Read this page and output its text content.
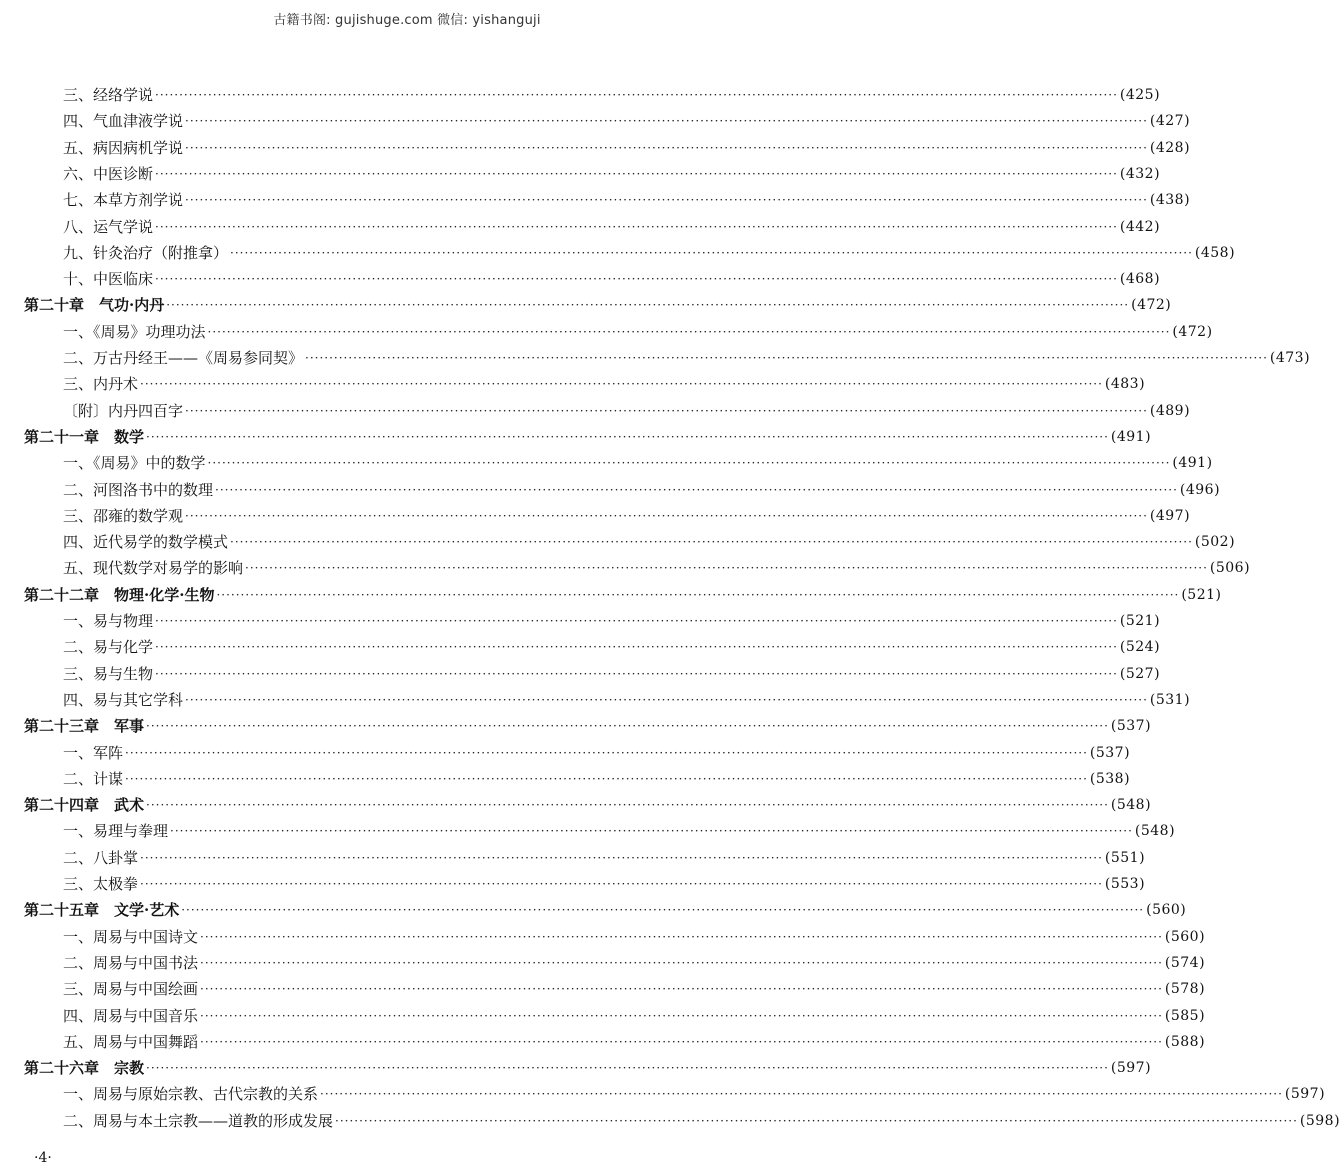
古籍书阁: gujishuge.com 微信: yishanguji
三、经络学说 ········································································································································································································ (425)
四、气血津液学说 ········································································································································································································ (427)
五、病因病机学说 ········································································································································································································ (428)
六、中医诊断 ········································································································································································································ (432)
七、本草方剂学说 ········································································································································································································ (438)
八、运气学说 ········································································································································································································ (442)
九、针灸治疗（附推拿） ········································································································································································································ (458)
十、中医临床 ········································································································································································································ (468)
第二十章　气功·内丹 ········································································································································································································ (472)
一、《周易》功理功法 ········································································································································································································ (472)
二、万古丹经王——《周易参同契》 ········································································································································································································ (473)
三、内丹术 ········································································································································································································ (483)
〔附〕内丹四百字 ········································································································································································································ (489)
第二十一章　数学 ········································································································································································································ (491)
一、《周易》中的数学 ········································································································································································································ (491)
二、河图洛书中的数理 ········································································································································································································ (496)
三、邵雍的数学观 ········································································································································································································ (497)
四、近代易学的数学模式 ········································································································································································································ (502)
五、现代数学对易学的影响 ········································································································································································································ (506)
第二十二章　物理·化学·生物 ········································································································································································································ (521)
一、易与物理 ········································································································································································································ (521)
二、易与化学 ········································································································································································································ (524)
三、易与生物 ········································································································································································································ (527)
四、易与其它学科 ········································································································································································································ (531)
第二十三章　军事 ········································································································································································································ (537)
一、军阵 ········································································································································································································ (537)
二、计谋 ········································································································································································································ (538)
第二十四章　武术 ········································································································································································································ (548)
一、易理与拳理 ········································································································································································································ (548)
二、八卦掌 ········································································································································································································ (551)
三、太极拳 ········································································································································································································ (553)
第二十五章　文学·艺术 ········································································································································································································ (560)
一、周易与中国诗文 ········································································································································································································ (560)
二、周易与中国书法 ········································································································································································································ (574)
三、周易与中国绘画 ········································································································································································································ (578)
四、周易与中国音乐 ········································································································································································································ (585)
五、周易与中国舞蹈 ········································································································································································································ (588)
第二十六章　宗教 ········································································································································································································ (597)
一、周易与原始宗教、古代宗教的关系 ········································································································································································································ (597)
二、周易与本土宗教——道教的形成发展 ········································································································································································································ (598)
·4·
